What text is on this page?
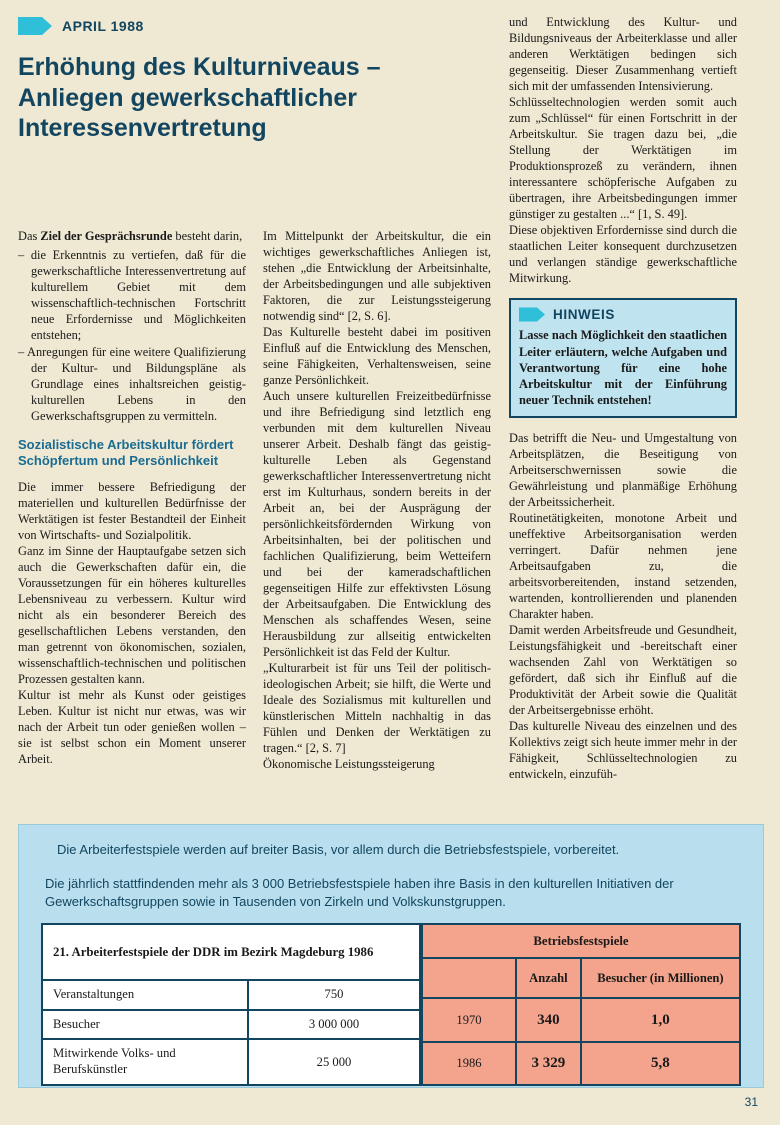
APRIL 1988
Erhöhung des Kulturniveaus – Anliegen gewerkschaftlicher Interessenvertretung

Das Ziel der Gesprächsrunde besteht darin,

– die Erkenntnis zu vertiefen, daß für die gewerkschaftliche Interessenvertretung auf kulturellem Gebiet mit dem wissenschaftlich-technischen Fortschritt neue Erfordernisse und Möglichkeiten entstehen;
– Anregungen für eine weitere Qualifizierung der Kultur- und Bildungspläne als Grundlage eines inhaltsreichen geistig-kulturellen Lebens in den Gewerkschaftsgruppen zu vermitteln.
Sozialistische Arbeitskultur fördert Schöpfertum und Persönlichkeit

Die immer bessere Befriedigung der materiellen und kulturellen Bedürfnisse der Werktätigen ist fester Bestandteil der Einheit von Wirtschafts- und Sozialpolitik.

Ganz im Sinne der Hauptaufgabe setzen sich auch die Gewerkschaften dafür ein, die Voraussetzungen für ein höheres kulturelles Lebensniveau zu verbessern. Kultur wird nicht als ein besonderer Bereich des gesellschaftlichen Lebens verstanden, den man getrennt von ökonomischen, sozialen, wissenschaftlich-technischen und politischen Prozessen gestalten kann.

Kultur ist mehr als Kunst oder geistiges Leben. Kultur ist nicht nur etwas, was wir nach der Arbeit tun oder genießen wollen – sie ist selbst schon ein Moment unserer Arbeit.

Im Mittelpunkt der Arbeitskultur, die ein wichtiges gewerkschaftliches Anliegen ist, stehen „die Entwicklung der Arbeitsinhalte, der Arbeitsbedingungen und alle subjektiven Faktoren, die zur Leistungssteigerung notwendig sind“ [2, S. 6].

Das Kulturelle besteht dabei im positiven Einfluß auf die Entwicklung des Menschen, seine Fähigkeiten, Verhaltensweisen, seine ganze Persönlichkeit.

Auch unsere kulturellen Freizeitbedürfnisse und ihre Befriedigung sind letztlich eng verbunden mit dem kulturellen Niveau unserer Arbeit. Deshalb fängt das geistig-kulturelle Leben als Gegenstand gewerkschaftlicher Interessenvertretung nicht erst im Kulturhaus, sondern bereits in der Arbeit an, bei der Ausprägung der persönlichkeitsfördernden Wirkung von Arbeitsinhalten, bei der politischen und fachlichen Qualifizierung, beim Wetteifern und bei der kameradschaftlichen gegenseitigen Hilfe zur effektivsten Lösung der Arbeitsaufgaben. Die Entwicklung des Menschen als schaffendes Wesen, seine Herausbildung zur allseitig entwickelten Persönlichkeit ist das Feld der Kultur.

„Kulturarbeit ist für uns Teil der politisch-ideologischen Arbeit; sie hilft, die Werte und Ideale des Sozialismus mit kulturellen und künstlerischen Mitteln nachhaltig in das Fühlen und Denken der Werktätigen zu tragen.“ [2, S. 7]

Ökonomische Leistungssteigerung

und Entwicklung des Kultur- und Bildungsniveaus der Arbeiterklasse und aller anderen Werktätigen bedingen sich gegenseitig. Dieser Zusammenhang vertieft sich mit der umfassenden Intensivierung.

Schlüsseltechnologien werden somit auch zum „Schlüssel“ für einen Fortschritt in der Arbeitskultur. Sie tragen dazu bei, „die Stellung der Werktätigen im Produktionsprozeß zu verändern, ihnen interessantere schöpferische Aufgaben zu übertragen, ihre Arbeitsbedingungen immer günstiger zu gestalten ...“ [1, S. 49].

Diese objektiven Erfordernisse sind durch die staatlichen Leiter konsequent durchzusetzen und verlangen ständige gewerkschaftliche Mitwirkung.

HINWEIS
Lasse nach Möglichkeit den staatlichen Leiter erläutern, welche Aufgaben und Verantwortung für eine hohe Arbeitskultur mit der Einführung neuer Technik entstehen!

Das betrifft die Neu- und Umgestaltung von Arbeitsplätzen, die Beseitigung von Arbeitserschwernissen sowie die Gewährleistung und planmäßige Erhöhung der Arbeitssicherheit.

Routinetätigkeiten, monotone Arbeit und uneffektive Arbeitsorganisation werden verringert. Dafür nehmen jene Arbeitsaufgaben zu, die arbeitsvorbereitenden, instand setzenden, wartenden, kontrollierenden und planenden Charakter haben.

Damit werden Arbeitsfreude und Gesundheit, Leistungsfähigkeit und -bereitschaft einer wachsenden Zahl von Werktätigen so gefördert, daß sich ihr Einfluß auf die Produktivität der Arbeit sowie die Qualität der Arbeitsergebnisse erhöht.

Das kulturelle Niveau des einzelnen und des Kollektivs zeigt sich heute immer mehr in der Fähigkeit, Schlüsseltechnologien zu entwickeln, einzufüh-

Die Arbeiterfestspiele werden auf breiter Basis, vor allem durch die Betriebsfestspiele, vorbereitet.
Die jährlich stattfindenden mehr als 3 000 Betriebsfestspiele haben ihre Basis in den kulturellen Initiativen der Gewerkschaftsgruppen sowie in Tausenden von Zirkeln und Volkskunstgruppen.
21. Arbeiterfestspiele der DDR im Bezirk Magdeburg 1986	
Veranstaltungen	750
Besucher	3 000 000
Mitwirkende Volks- und Berufskünstler	25 000
Betriebsfestspiele		
	Anzahl	Besucher (in Millionen)
1970	340	1,0
1986	3 329	5,8
31
